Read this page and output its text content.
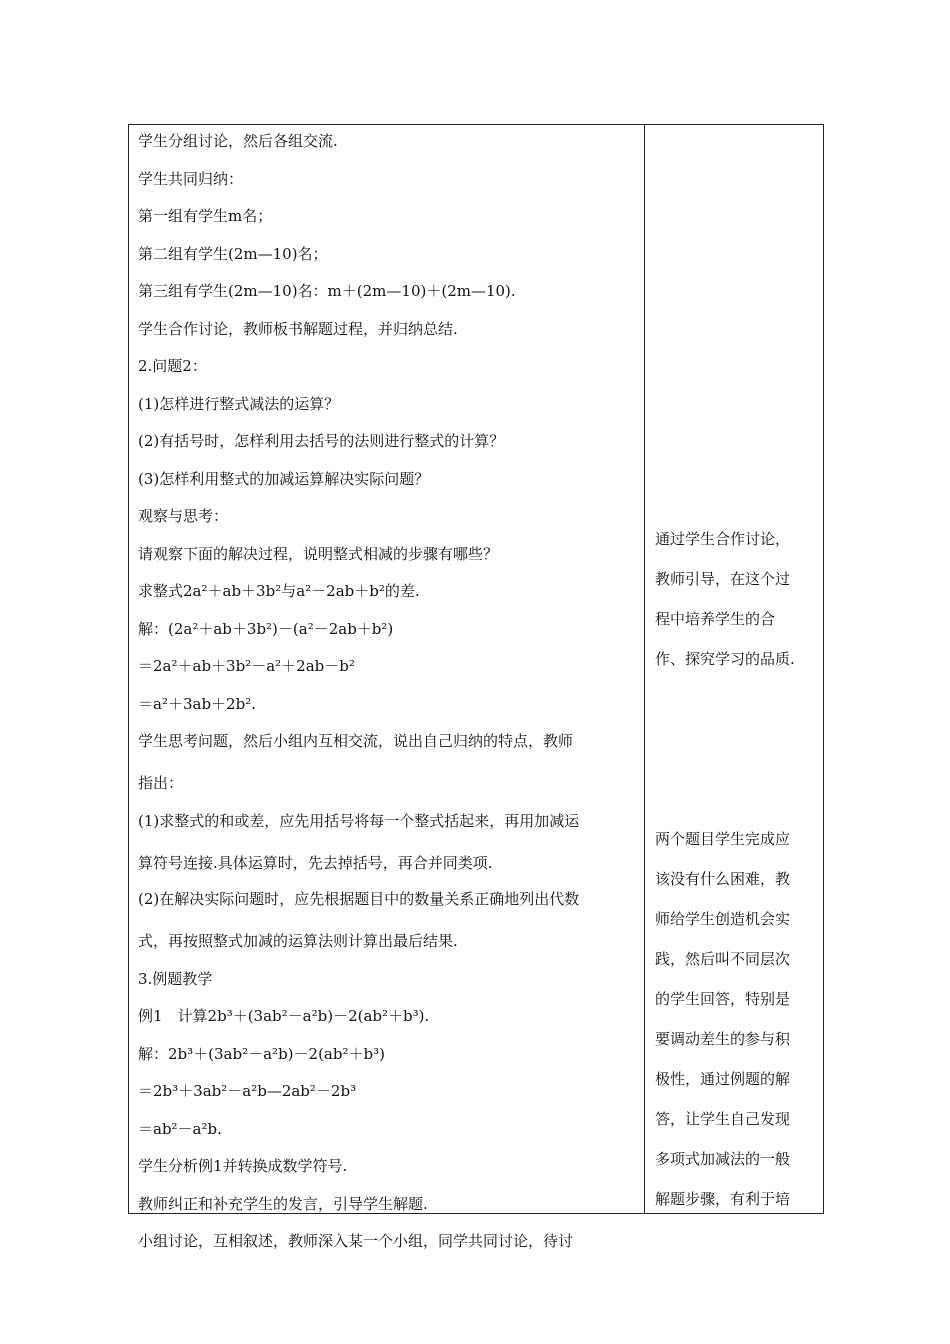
学生分组讨论，然后各组交流.
学生共同归纳：
第一组有学生m名；
第二组有学生(2m—10)名；
第三组有学生(2m—10)名：m＋(2m—10)＋(2m—10).
学生合作讨论，教师板书解题过程，并归纳总结.
2.问题2：
(1)怎样进行整式减法的运算？
(2)有括号时，怎样利用去括号的法则进行整式的计算？
(3)怎样利用整式的加减运算解决实际问题？
观察与思考：
请观察下面的解决过程，说明整式相减的步骤有哪些？
求整式2a²＋ab＋3b²与a²－2ab＋b²的差.
解：(2a²＋ab＋3b²)－(a²－2ab＋b²)
＝2a²＋ab＋3b²－a²＋2ab－b²
＝a²＋3ab＋2b².
学生思考问题，然后小组内互相交流，说出自己归纳的特点，教师
指出：
(1)求整式的和或差，应先用括号将每一个整式括起来，再用加减运
算符号连接.具体运算时，先去掉括号，再合并同类项.
(2)在解决实际问题时，应先根据题目中的数量关系正确地列出代数
式，再按照整式加减的运算法则计算出最后结果.
3.例题教学
例1　计算2b³＋(3ab²－a²b)－2(ab²＋b³).
解：2b³＋(3ab²－a²b)－2(ab²＋b³)
＝2b³＋3ab²－a²b—2ab²－2b³
＝ab²－a²b.
学生分析例1并转换成数学符号.
教师纠正和补充学生的发言，引导学生解题.
小组讨论，互相叙述，教师深入某一个小组，同学共同讨论，待讨
通过学生合作讨论，
教师引导，在这个过
程中培养学生的合
作、探究学习的品质.
两个题目学生完成应
该没有什么困难，教
师给学生创造机会实
践，然后叫不同层次
的学生回答，特别是
要调动差生的参与积
极性，通过例题的解
答，让学生自己发现
多项式加减法的一般
解题步骤，有利于培
